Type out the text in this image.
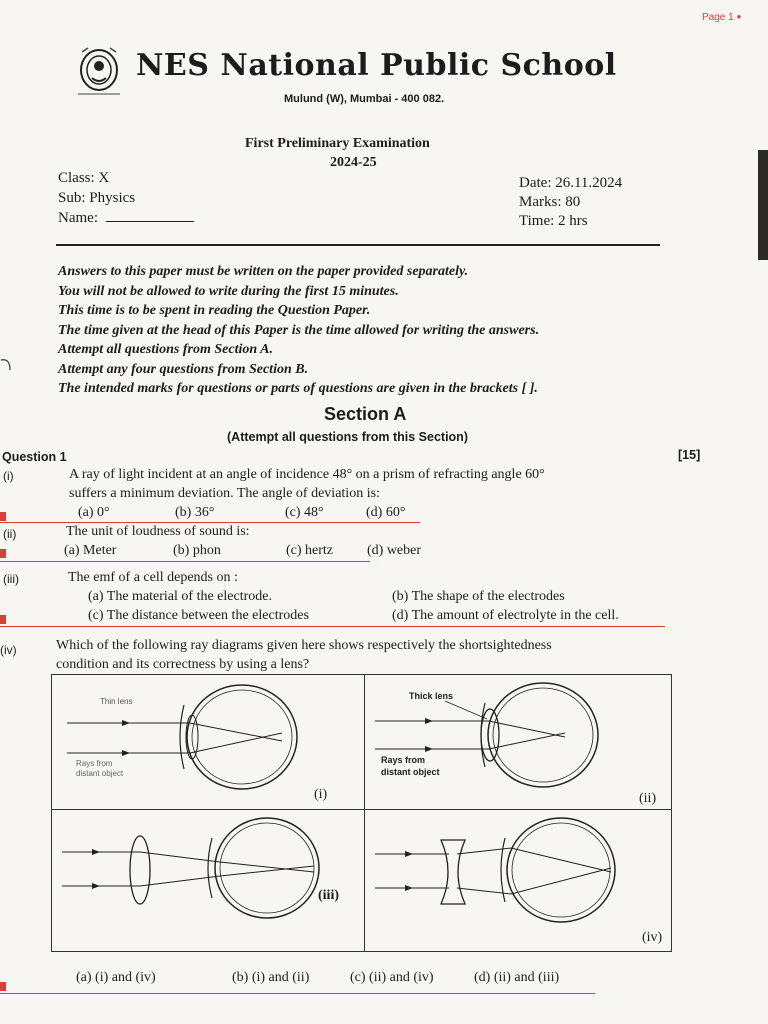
Page 1 ●
NES National Public School
Mulund (W), Mumbai - 400 082.
First Preliminary Examination
2024-25
Class: X
Sub: Physics
Name:
Date: 26.11.2024
Marks: 80
Time: 2 hrs
Answers to this paper must be written on the paper provided separately.
You will not be allowed to write during the first 15 minutes.
This time is to be spent in reading the Question Paper.
The time given at the head of this Paper is the time allowed for writing the answers.
Attempt all questions from Section A.
Attempt any four questions from Section B.
The intended marks for questions or parts of questions are given in the brackets [ ].
Section A
(Attempt all questions from this Section)
Question 1	[15]
(i)	A ray of light incident at an angle of incidence 48° on a prism of refracting angle 60°
suffers a minimum deviation. The angle of deviation is:
(a) 0°	(b) 36°	(c) 48°	(d) 60°
(ii)	The unit of loudness of sound is:
(a) Meter	(b) phon	(c) hertz (d) weber
(iii)	The emf of a cell depends on :
(a) The material of the electrode.	(b) The shape of the electrodes
(c) The distance between the electrodes	(d) The amount of electrolyte in the cell.
(iv)	Which of the following ray diagrams given here shows respectively the shortsightedness
condition and its correctness by using a lens?
Thin lens
Rays from
distant object
(i)
Thick lens
Rays from
distant object
(ii)
(iii)
(iv)
(a) (i) and (iv)	(b) (i) and (ii)	(c) (ii) and (iv)	(d) (ii) and (iii)
